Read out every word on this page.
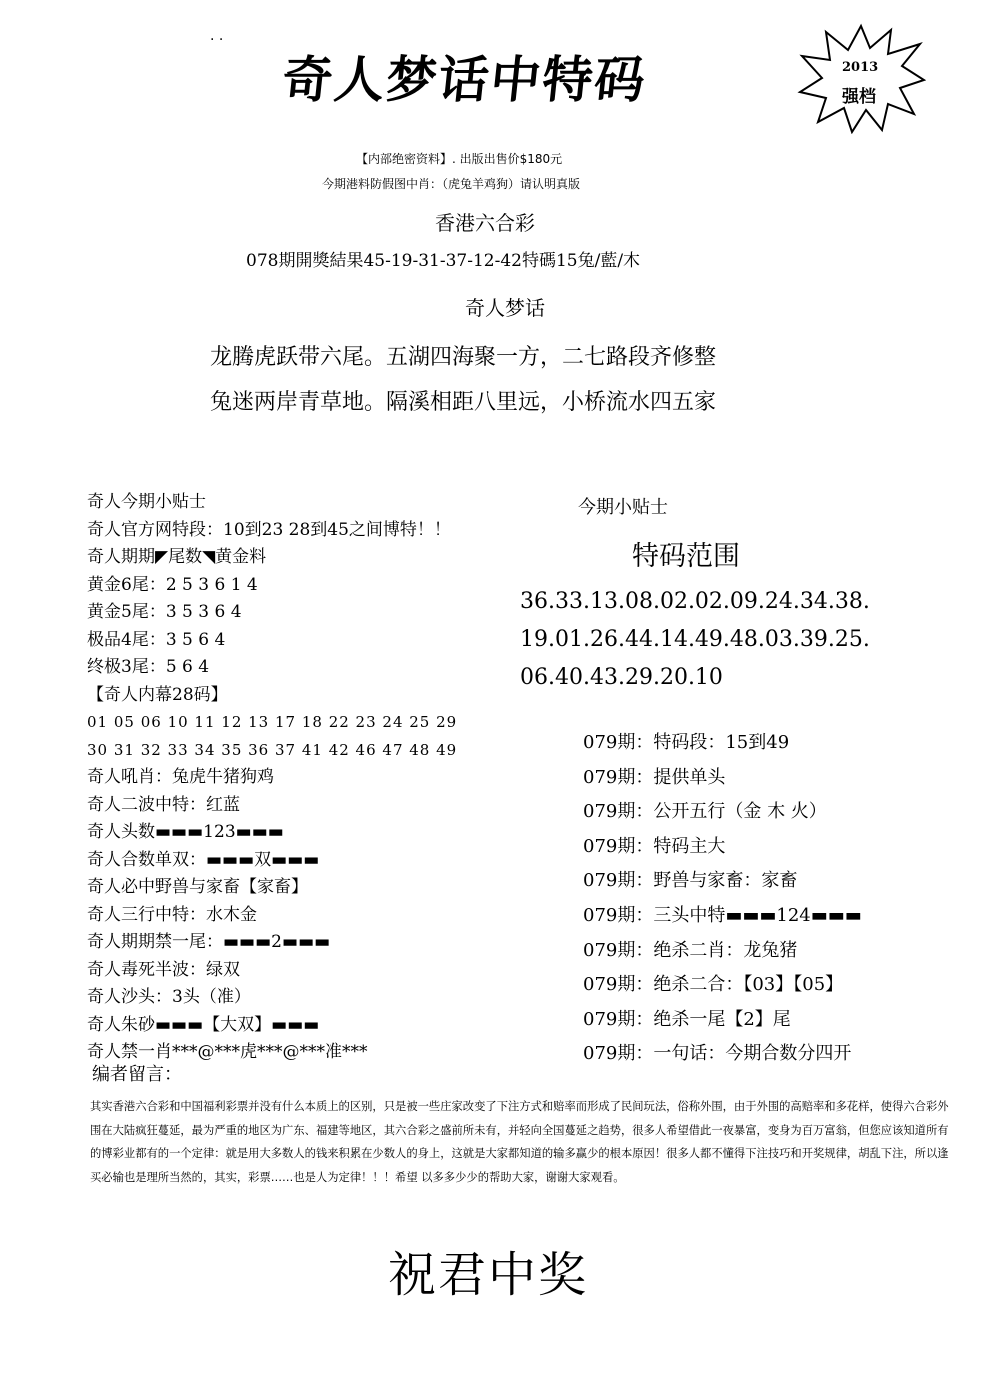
. .
奇人梦话中特码	2013
强档
【内部绝密资料】. 出版出售价$180元
今期港料防假图中肖：（虎兔羊鸡狗）请认明真版
香港六合彩
078期開獎結果45-19-31-37-12-42特碼15兔/藍/木
奇人梦话
龙腾虎跃带六尾。五湖四海聚一方，二七路段齐修整
兔迷两岸青草地。隔溪相距八里远，小桥流水四五家
奇人今期小贴士
奇人官方网特段：10到23 28到45之间博特！！
奇人期期◤尾数◥黄金料
黄金6尾：2 5 3 6 1 4
黄金5尾：3 5 3 6 4
极品4尾：3 5 6 4
终极3尾：5 6 4
【奇人内幕28码】
01 05 06 10 11 12 13 17 18 22 23 24 25 29
30 31 32 33 34 35 36 37 41 42 46 47 48 49
奇人吼肖：兔虎牛猪狗鸡
奇人二波中特：红蓝
奇人头数▬▬▬123▬▬▬
奇人合数单双：▬▬▬双▬▬▬
奇人必中野兽与家畜【家畜】
奇人三行中特：水木金
奇人期期禁一尾：▬▬▬2▬▬▬
奇人毒死半波：绿双
奇人沙头：3头（准）
奇人朱砂▬▬▬【大双】▬▬▬
奇人禁一肖***@***虎***@***准***
今期小贴士
特码范围
36.33.13.08.02.02.09.24.34.38.
19.01.26.44.14.49.48.03.39.25.
06.40.43.29.20.10
079期：特码段：15到49
079期：提供单头
079期：公开五行（金 木 火）
079期：特码主大
079期：野兽与家畜：家畜
079期：三头中特▬▬▬124▬▬▬
079期：绝杀二肖：龙兔猪
079期：绝杀二合：【03】【05】
079期：绝杀一尾【2】尾
079期：一句话：今期合数分四开
编者留言：
其实香港六合彩和中国福利彩票并没有什么本质上的区别，只是被一些庄家改变了下注方式和赔率而形成了民间玩法，俗称外围，由于外围的高赔率和多花样，使得六合彩外围在大陆疯狂蔓延，最为严重的地区为广东、福建等地区，其六合彩之盛前所未有，并轻向全国蔓延之趋势，很多人希望借此一夜暴富，变身为百万富翁，但您应该知道所有的博彩业都有的一个定律：就是用大多数人的钱来积累在少数人的身上，这就是大家都知道的输多赢少的根本原因！很多人都不懂得下注技巧和开奖规律，胡乱下注，所以逢买必输也是理所当然的，其实，彩票……也是人为定律！！！希望 以多多少少的帮助大家，谢谢大家观看。
祝君中奖
